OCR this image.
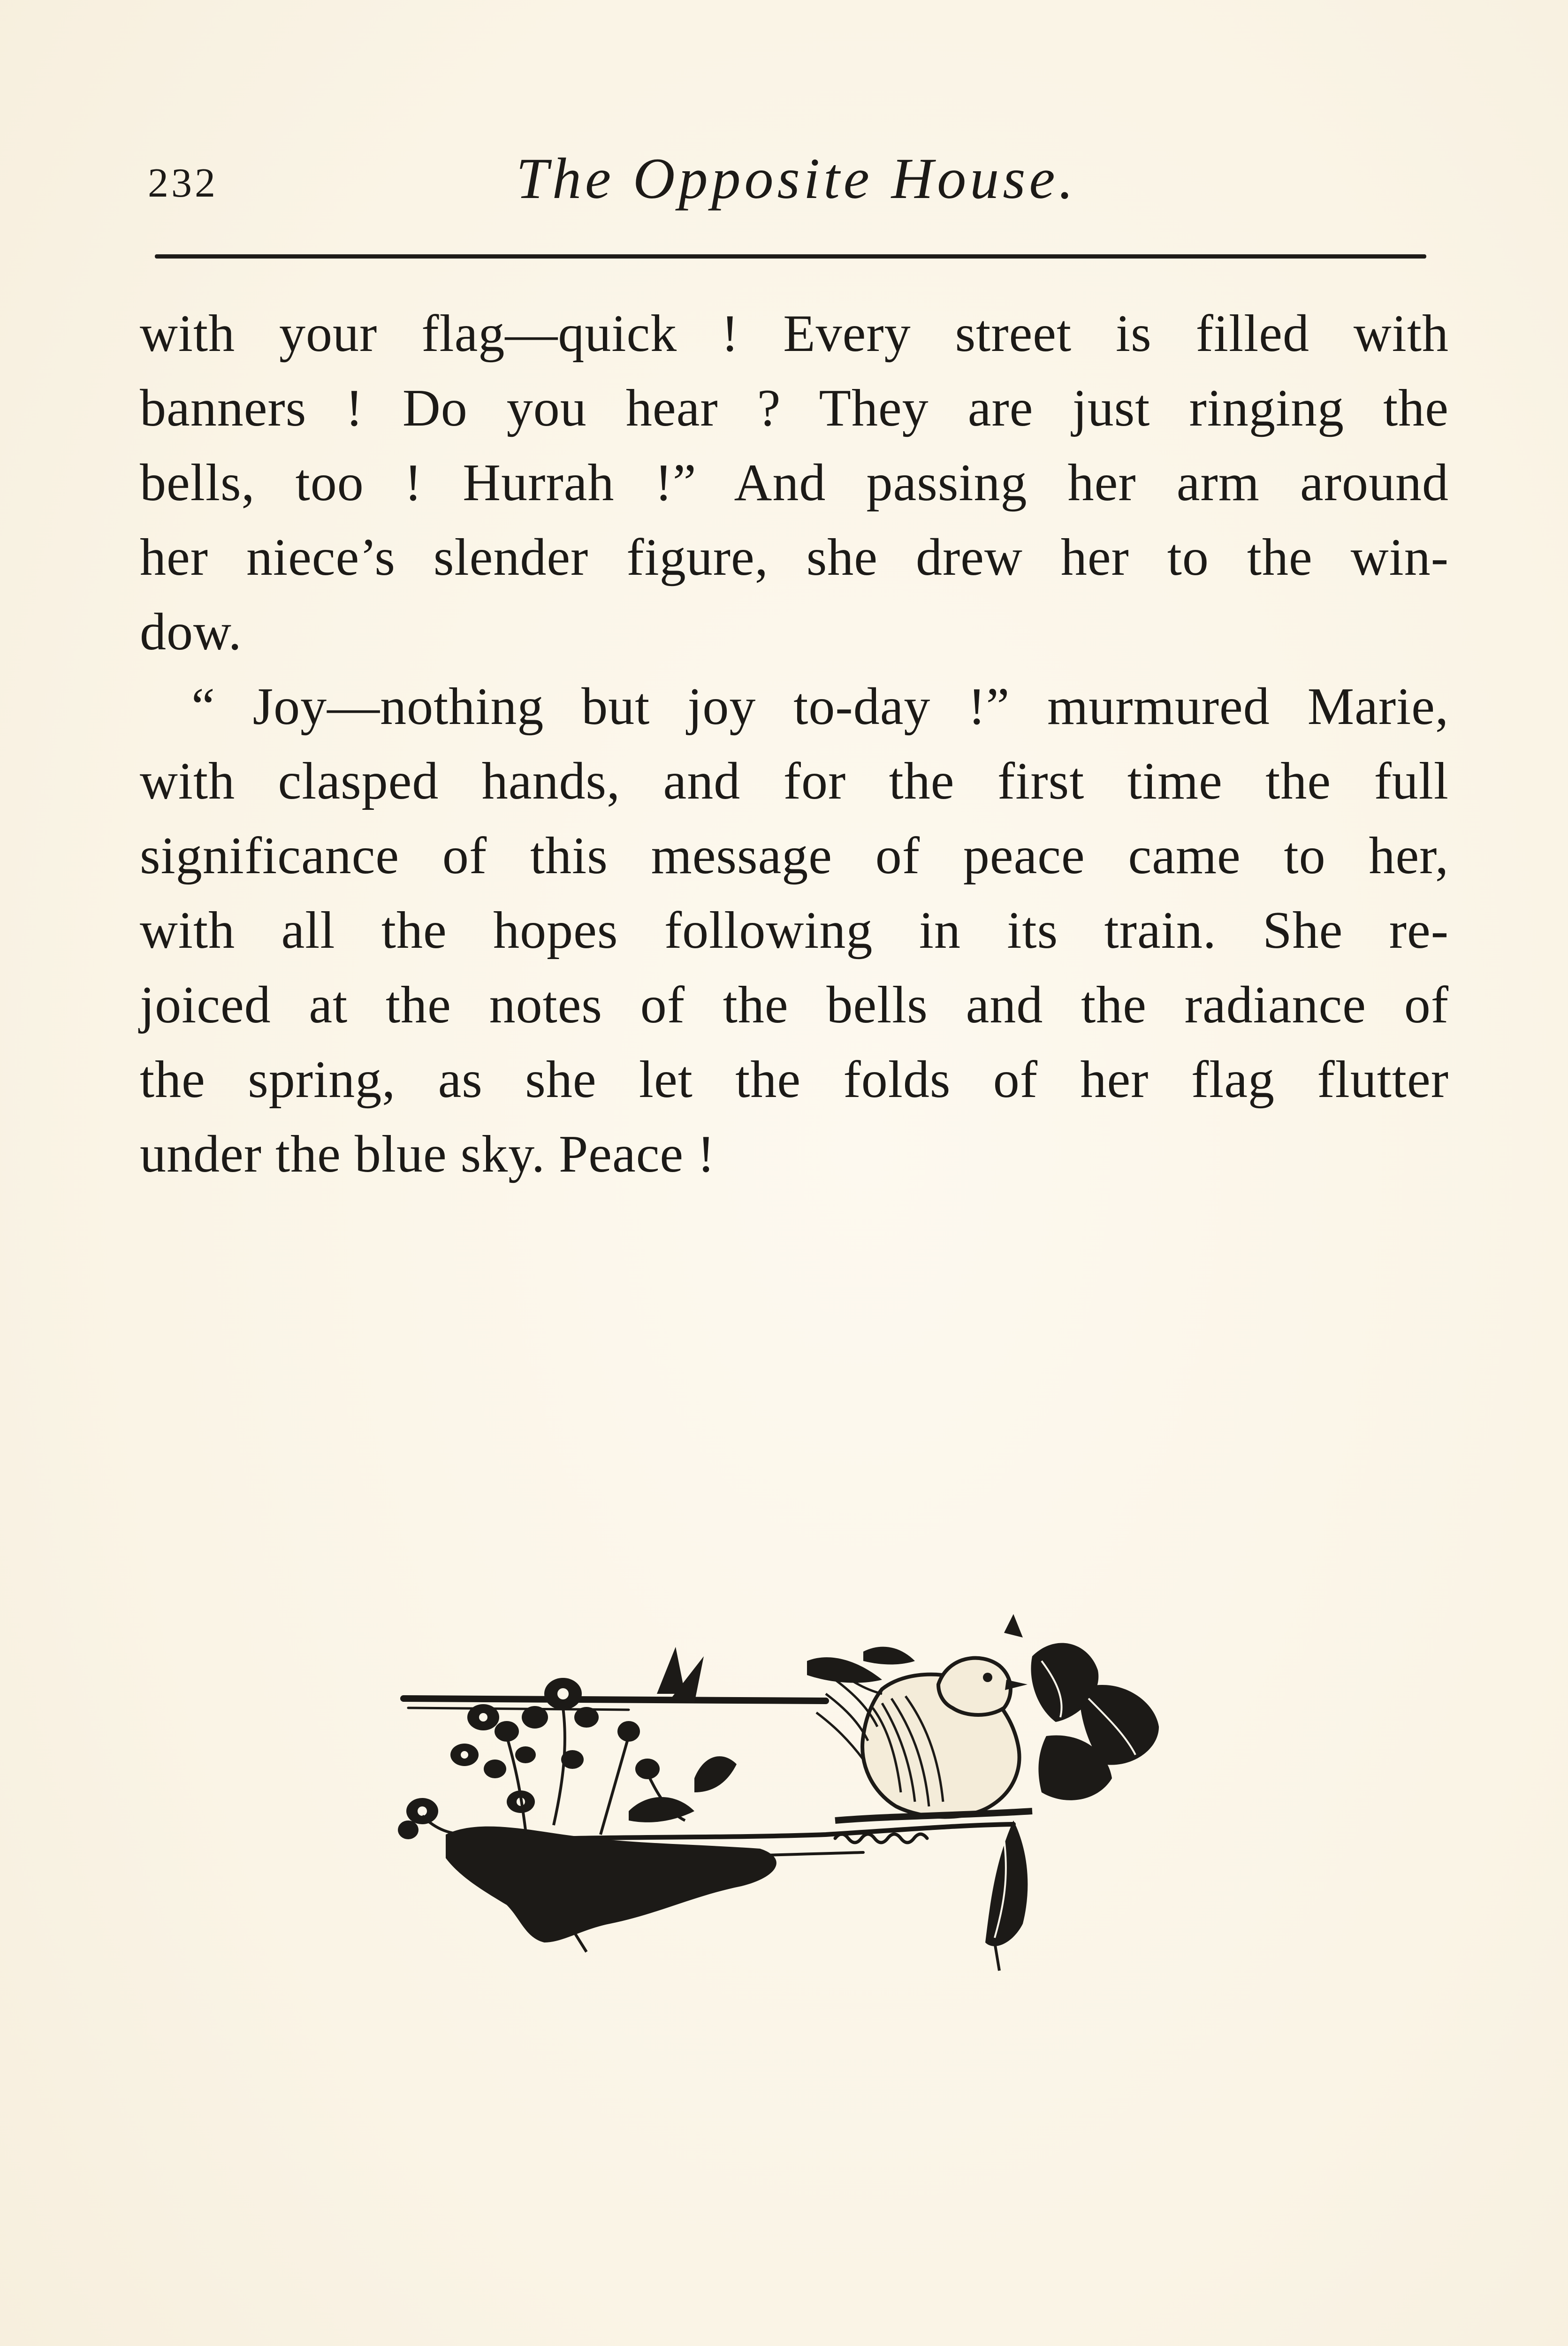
232	The Opposite House.
with your flag—quick ! Every street is filled with
banners ! Do you hear ? They are just ringing the
bells, too ! Hurrah !” And passing her arm around
her niece’s slender figure, she drew her to the win-
dow.
“ Joy—nothing but joy to-day !” murmured Marie,
with clasped hands, and for the first time the full
significance of this message of peace came to her,
with all the hopes following in its train. She re-
joiced at the notes of the bells and the radiance of
the spring, as she let the folds of her flag flutter
under the blue sky. Peace !
